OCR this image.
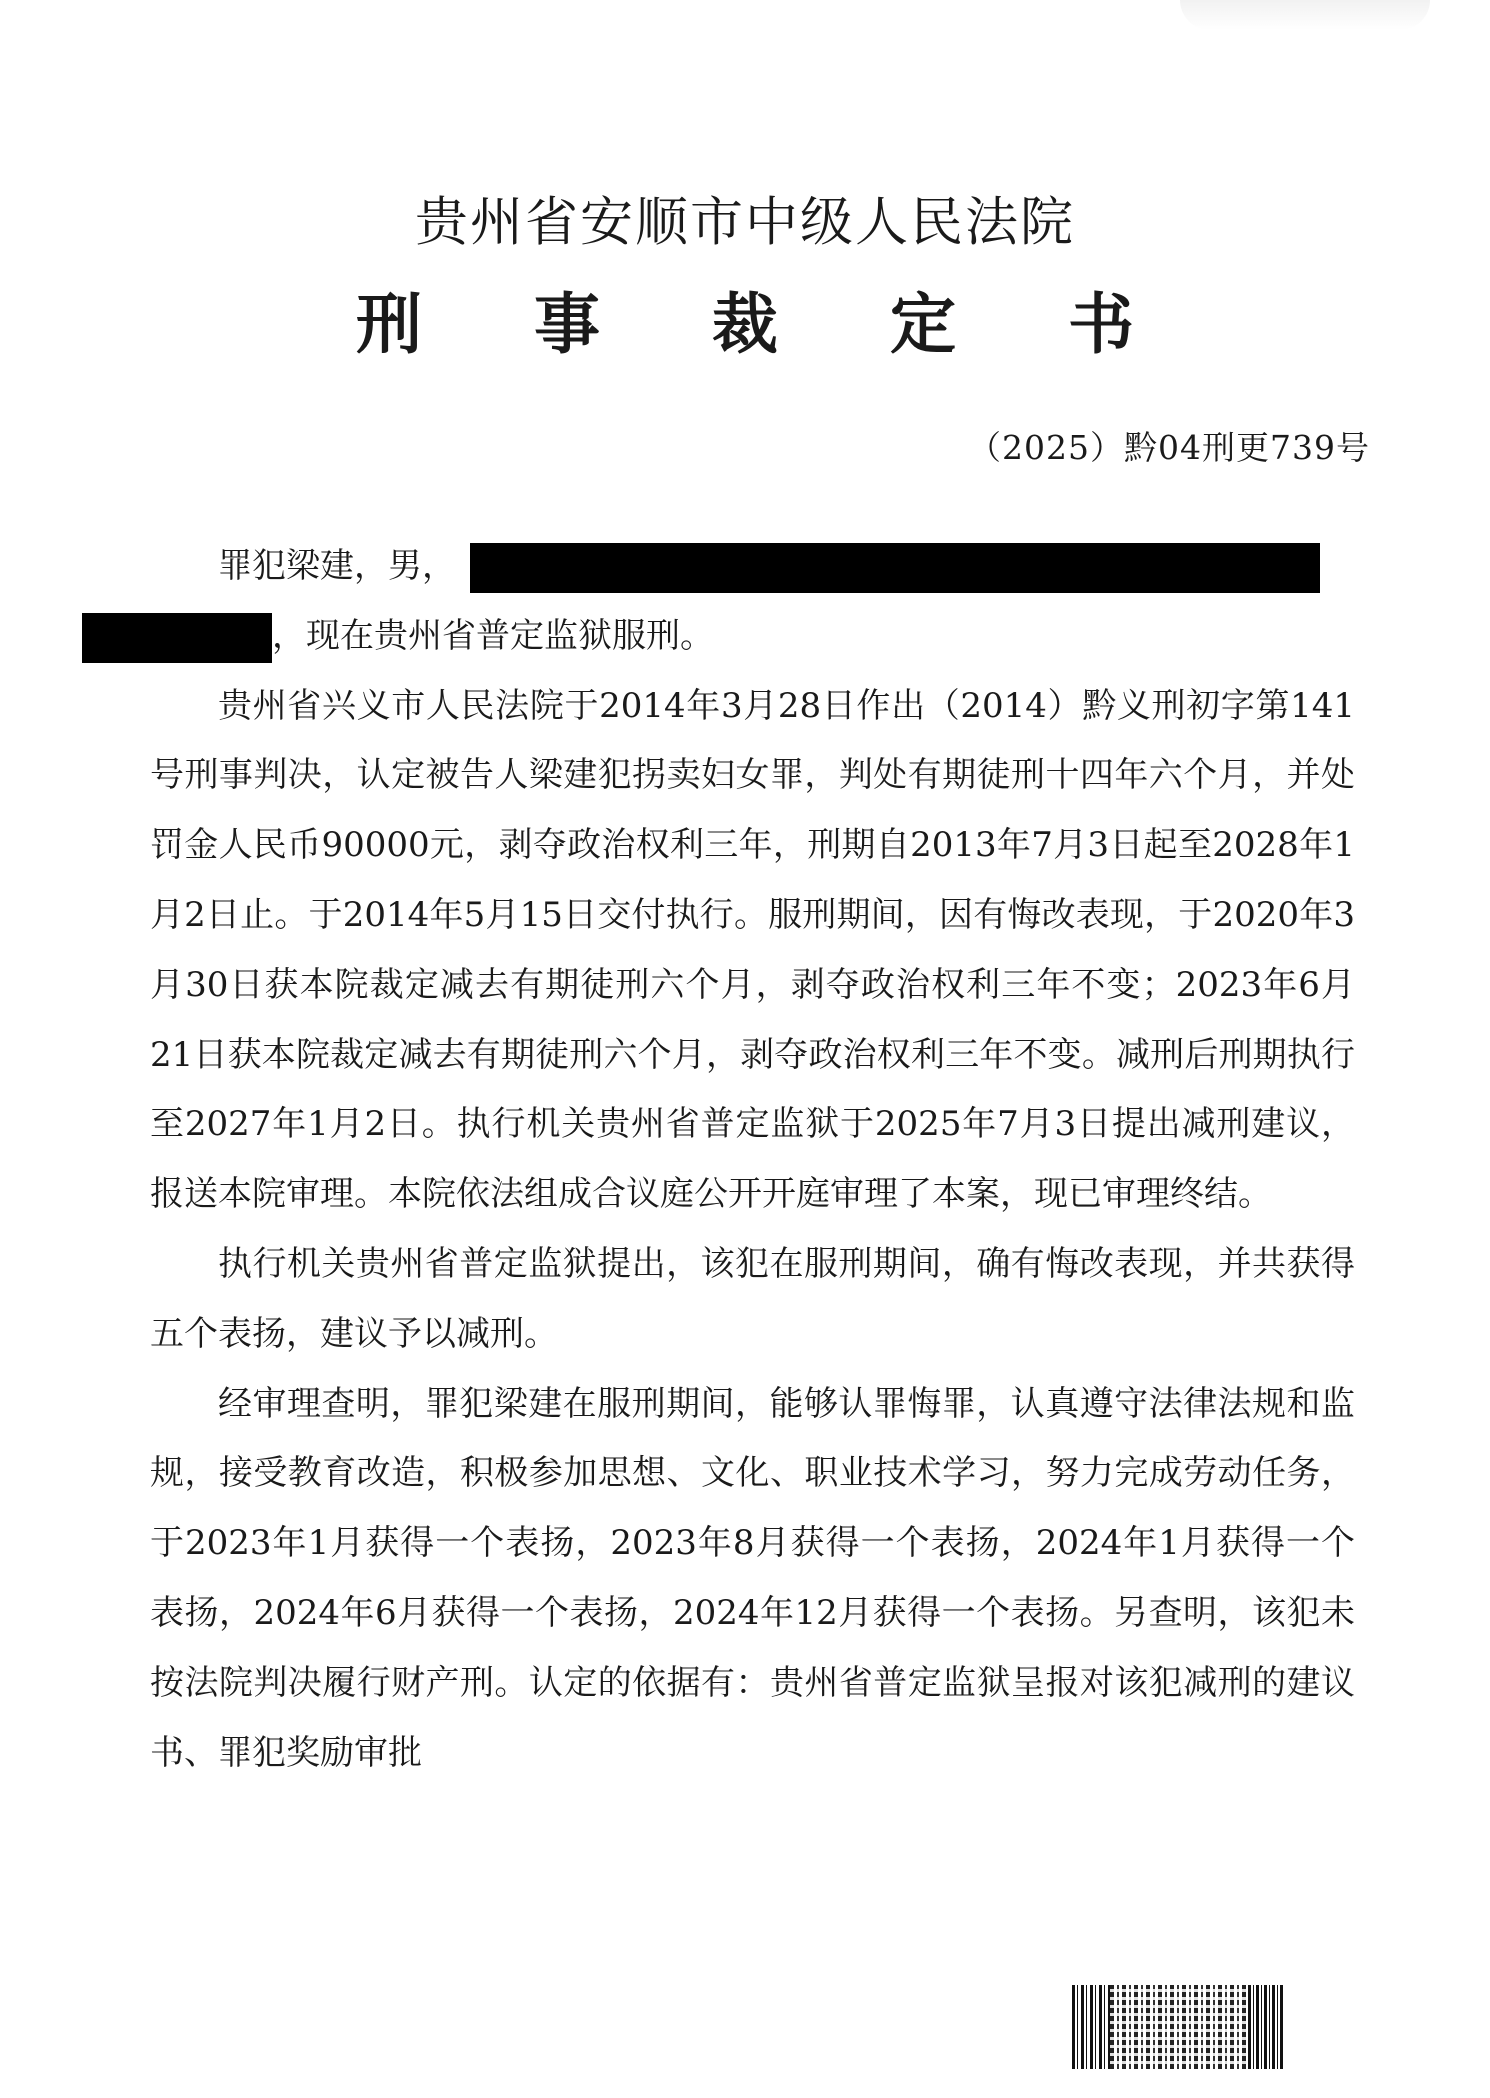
贵州省安顺市中级人民法院
刑事裁定书
（2025）黔04刑更739号

罪犯梁建，男，
，现在贵州省普定监狱服刑。

贵州省兴义市人民法院于2014年3月28日作出（2014）黔义刑初字第141号刑事判决，认定被告人梁建犯拐卖妇女罪，判处有期徒刑十四年六个月，并处罚金人民币90000元，剥夺政治权利三年，刑期自2013年7月3日起至2028年1月2日止。于2014年5月15日交付执行。服刑期间，因有悔改表现，于2020年3月30日获本院裁定减去有期徒刑六个月，剥夺政治权利三年不变；2023年6月21日获本院裁定减去有期徒刑六个月，剥夺政治权利三年不变。减刑后刑期执行至2027年1月2日。执行机关贵州省普定监狱于2025年7月3日提出减刑建议，报送本院审理。本院依法组成合议庭公开开庭审理了本案，现已审理终结。

执行机关贵州省普定监狱提出，该犯在服刑期间，确有悔改表现，并共获得五个表扬，建议予以减刑。

经审理查明，罪犯梁建在服刑期间，能够认罪悔罪，认真遵守法律法规和监规，接受教育改造，积极参加思想、文化、职业技术学习，努力完成劳动任务，于2023年1月获得一个表扬，2023年8月获得一个表扬，2024年1月获得一个表扬，2024年6月获得一个表扬，2024年12月获得一个表扬。另查明，该犯未按法院判决履行财产刑。认定的依据有：贵州省普定监狱呈报对该犯减刑的建议书、罪犯奖励审批
